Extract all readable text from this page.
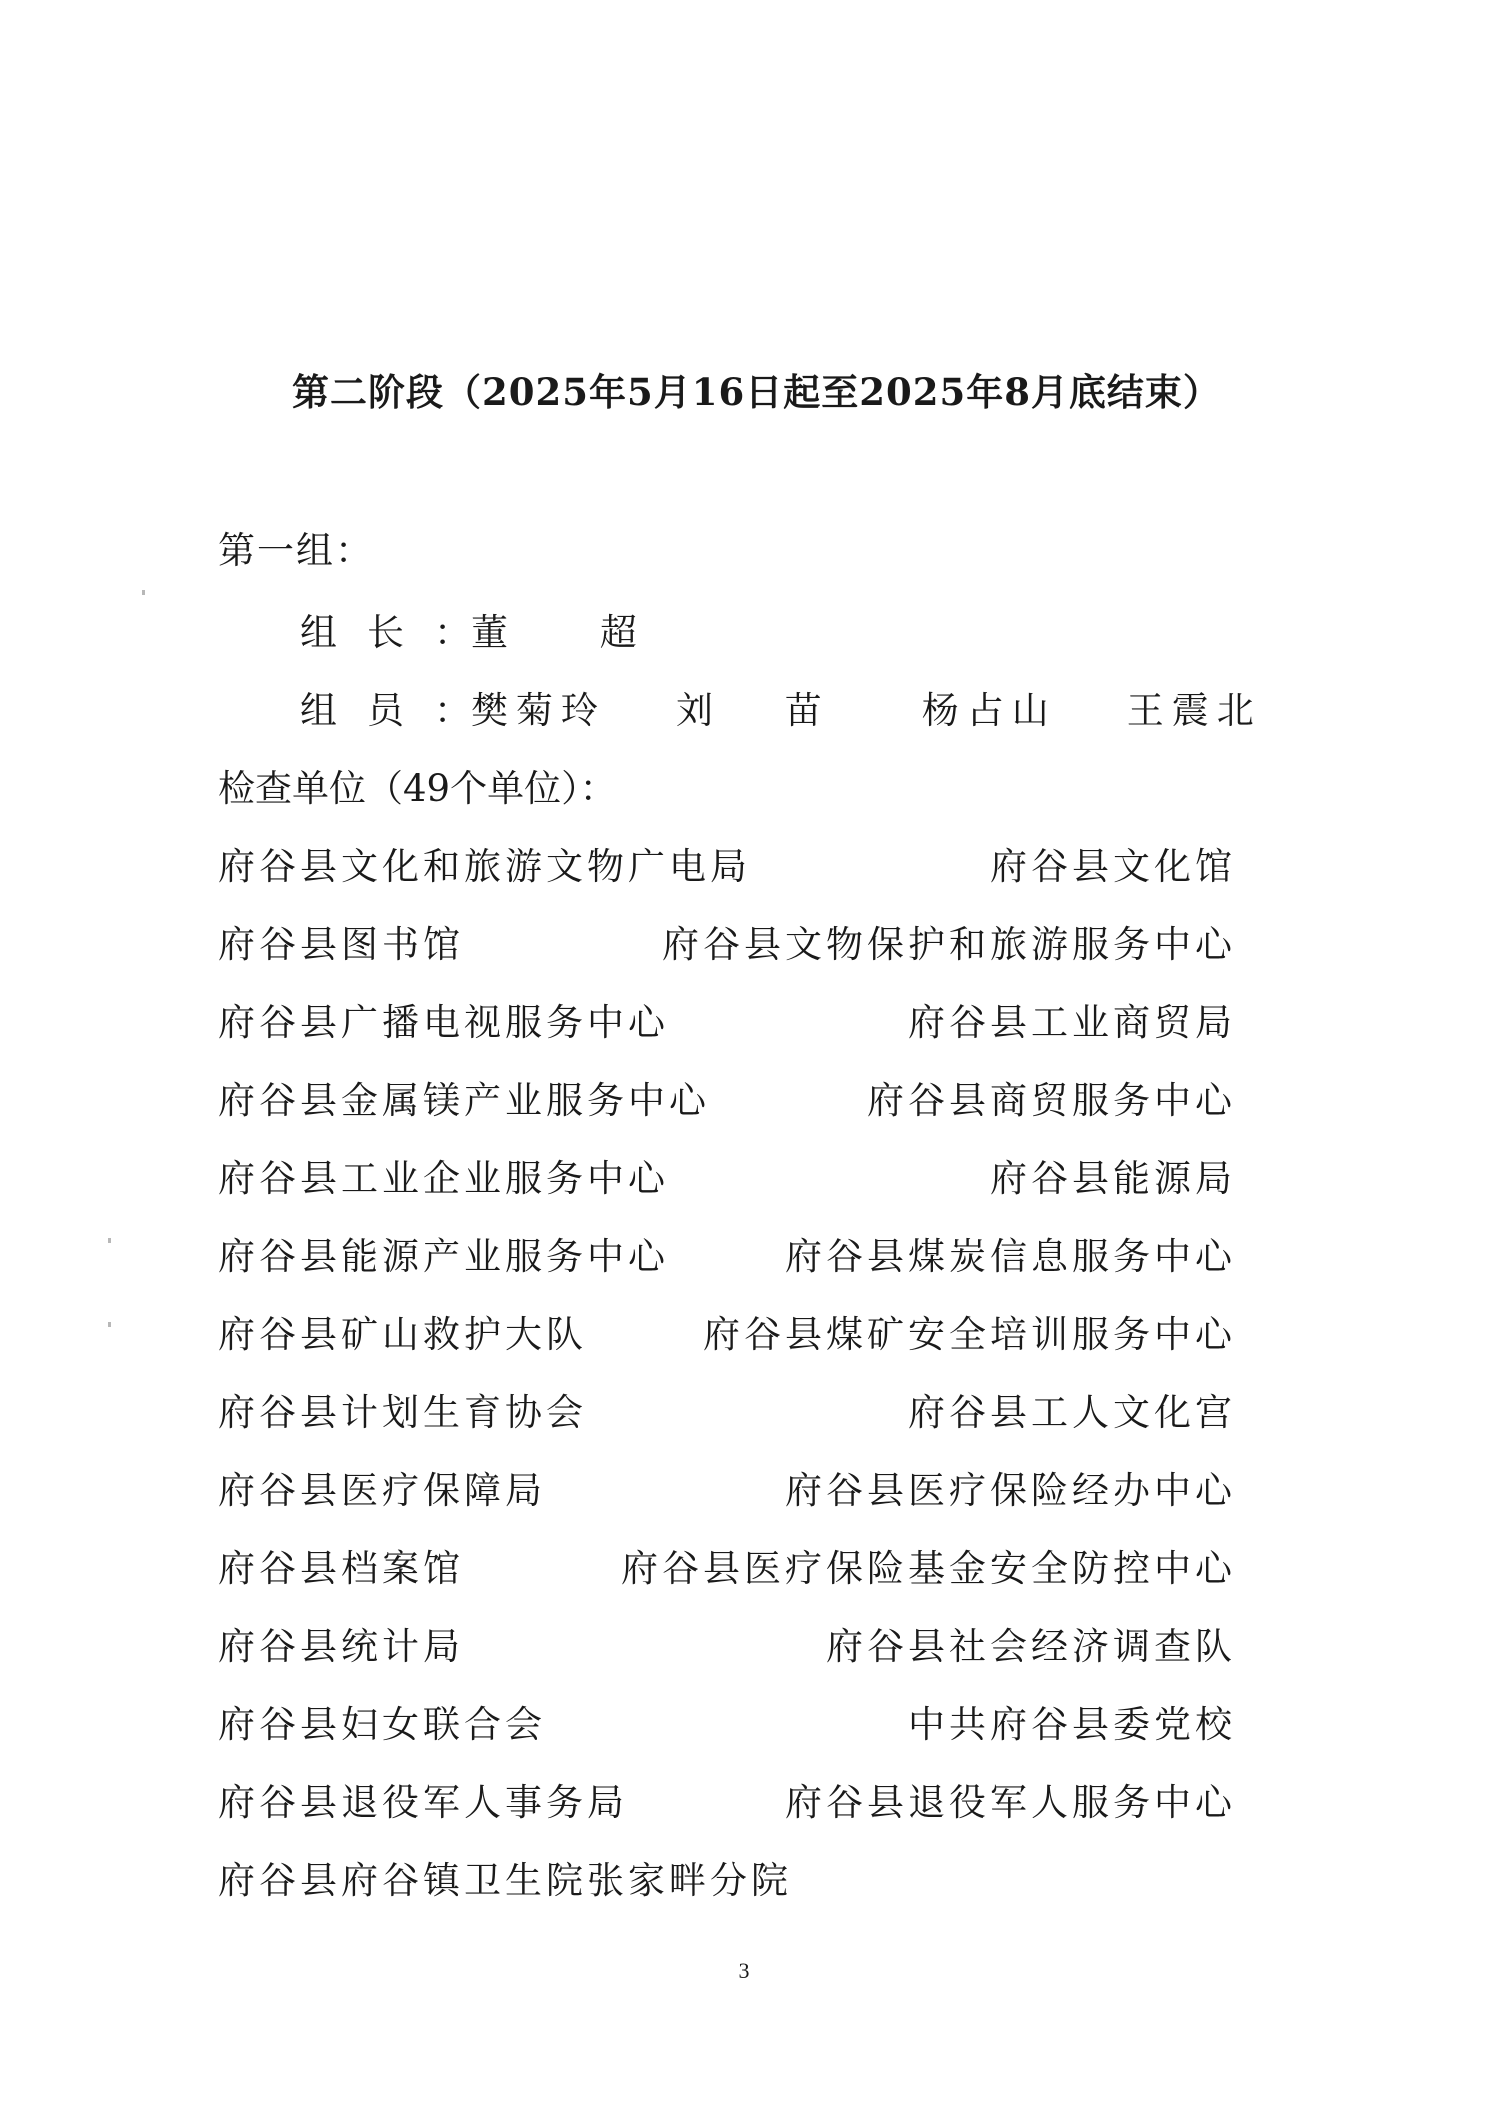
第二阶段（2025年5月16日起至2025年8月底结束）
第一组：
组长：董 超
组员：樊菊玲 刘 苗 杨占山 王震北
检查单位（49个单位）：
府谷县文化和旅游文物广电局	府谷县文化馆
府谷县图书馆	府谷县文物保护和旅游服务中心
府谷县广播电视服务中心	府谷县工业商贸局
府谷县金属镁产业服务中心	府谷县商贸服务中心
府谷县工业企业服务中心	府谷县能源局
府谷县能源产业服务中心	府谷县煤炭信息服务中心
府谷县矿山救护大队	府谷县煤矿安全培训服务中心
府谷县计划生育协会	府谷县工人文化宫
府谷县医疗保障局	府谷县医疗保险经办中心
府谷县档案馆	府谷县医疗保险基金安全防控中心
府谷县统计局	府谷县社会经济调查队
府谷县妇女联合会	中共府谷县委党校
府谷县退役军人事务局	府谷县退役军人服务中心
府谷县府谷镇卫生院张家畔分院
3
